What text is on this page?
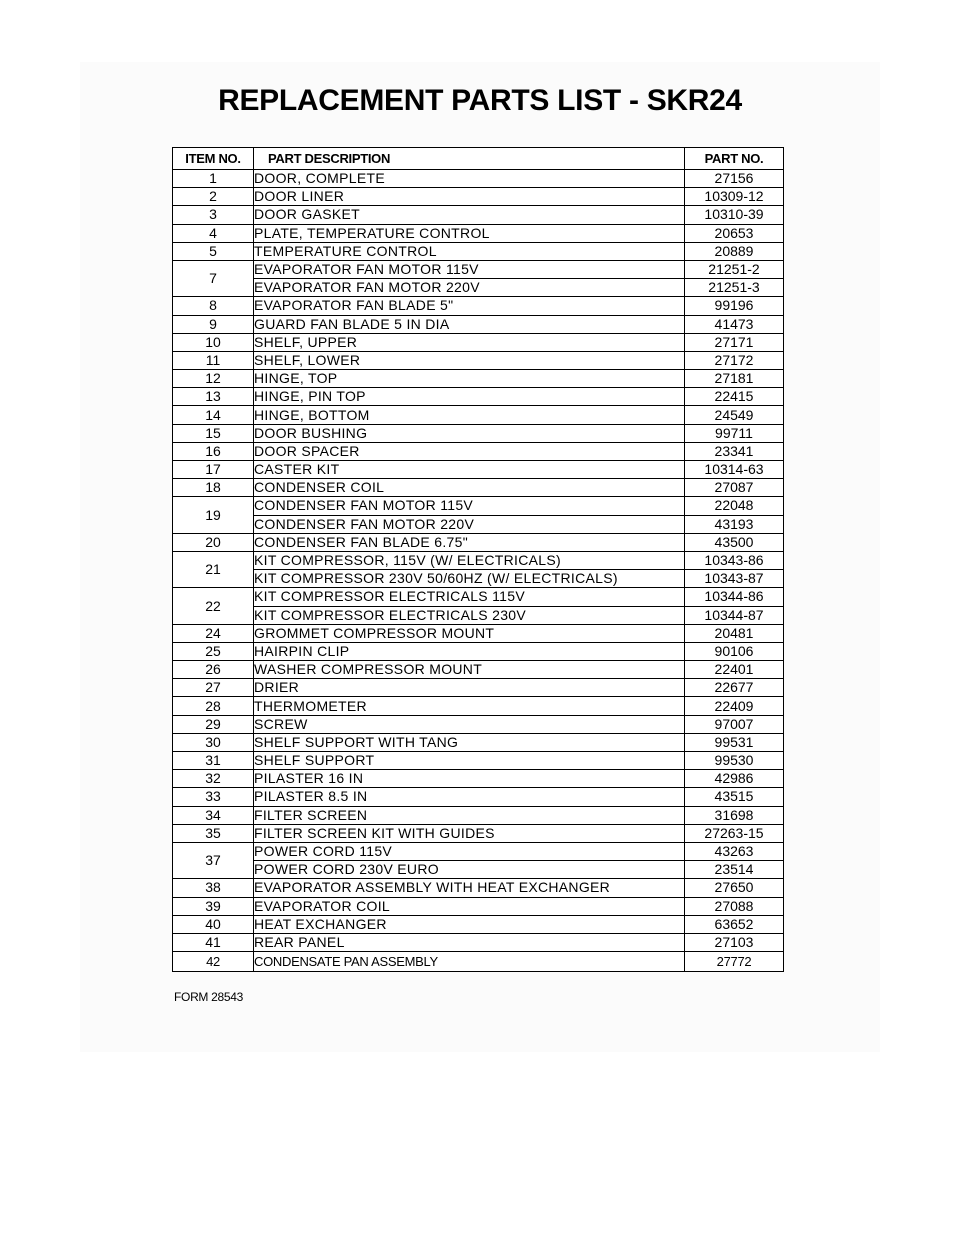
REPLACEMENT PARTS LIST - SKR24
ITEM NO.	PART DESCRIPTION	PART NO.
1	DOOR, COMPLETE	27156
2	DOOR LINER	10309-12
3	DOOR GASKET	10310-39
4	PLATE, TEMPERATURE CONTROL	20653
5	TEMPERATURE CONTROL	20889
7	EVAPORATOR FAN MOTOR 115V	21251-2
	EVAPORATOR FAN MOTOR 220V	21251-3
8	EVAPORATOR FAN BLADE 5"	99196
9	GUARD FAN BLADE 5 IN DIA	41473
10	SHELF, UPPER	27171
11	SHELF, LOWER	27172
12	HINGE, TOP	27181
13	HINGE, PIN TOP	22415
14	HINGE, BOTTOM	24549
15	DOOR BUSHING	99711
16	DOOR SPACER	23341
17	CASTER KIT	10314-63
18	CONDENSER COIL	27087
19	CONDENSER FAN MOTOR 115V	22048
	CONDENSER FAN MOTOR 220V	43193
20	CONDENSER FAN BLADE 6.75"	43500
21	KIT COMPRESSOR, 115V (W/ ELECTRICALS)	10343-86
	KIT COMPRESSOR 230V 50/60HZ (W/ ELECTRICALS)	10343-87
22	KIT COMPRESSOR ELECTRICALS 115V	10344-86
	KIT COMPRESSOR ELECTRICALS 230V	10344-87
24	GROMMET COMPRESSOR MOUNT	20481
25	HAIRPIN CLIP	90106
26	WASHER COMPRESSOR MOUNT	22401
27	DRIER	22677
28	THERMOMETER	22409
29	SCREW	97007
30	SHELF SUPPORT WITH TANG	99531
31	SHELF SUPPORT	99530
32	PILASTER 16 IN	42986
33	PILASTER 8.5 IN	43515
34	FILTER SCREEN	31698
35	FILTER SCREEN KIT WITH GUIDES	27263-15
37	POWER CORD 115V	43263
	POWER CORD 230V EURO	23514
38	EVAPORATOR ASSEMBLY WITH HEAT EXCHANGER	27650
39	EVAPORATOR COIL	27088
40	HEAT EXCHANGER	63652
41	REAR PANEL	27103
42	CONDENSATE PAN ASSEMBLY	27772
FORM 28543
